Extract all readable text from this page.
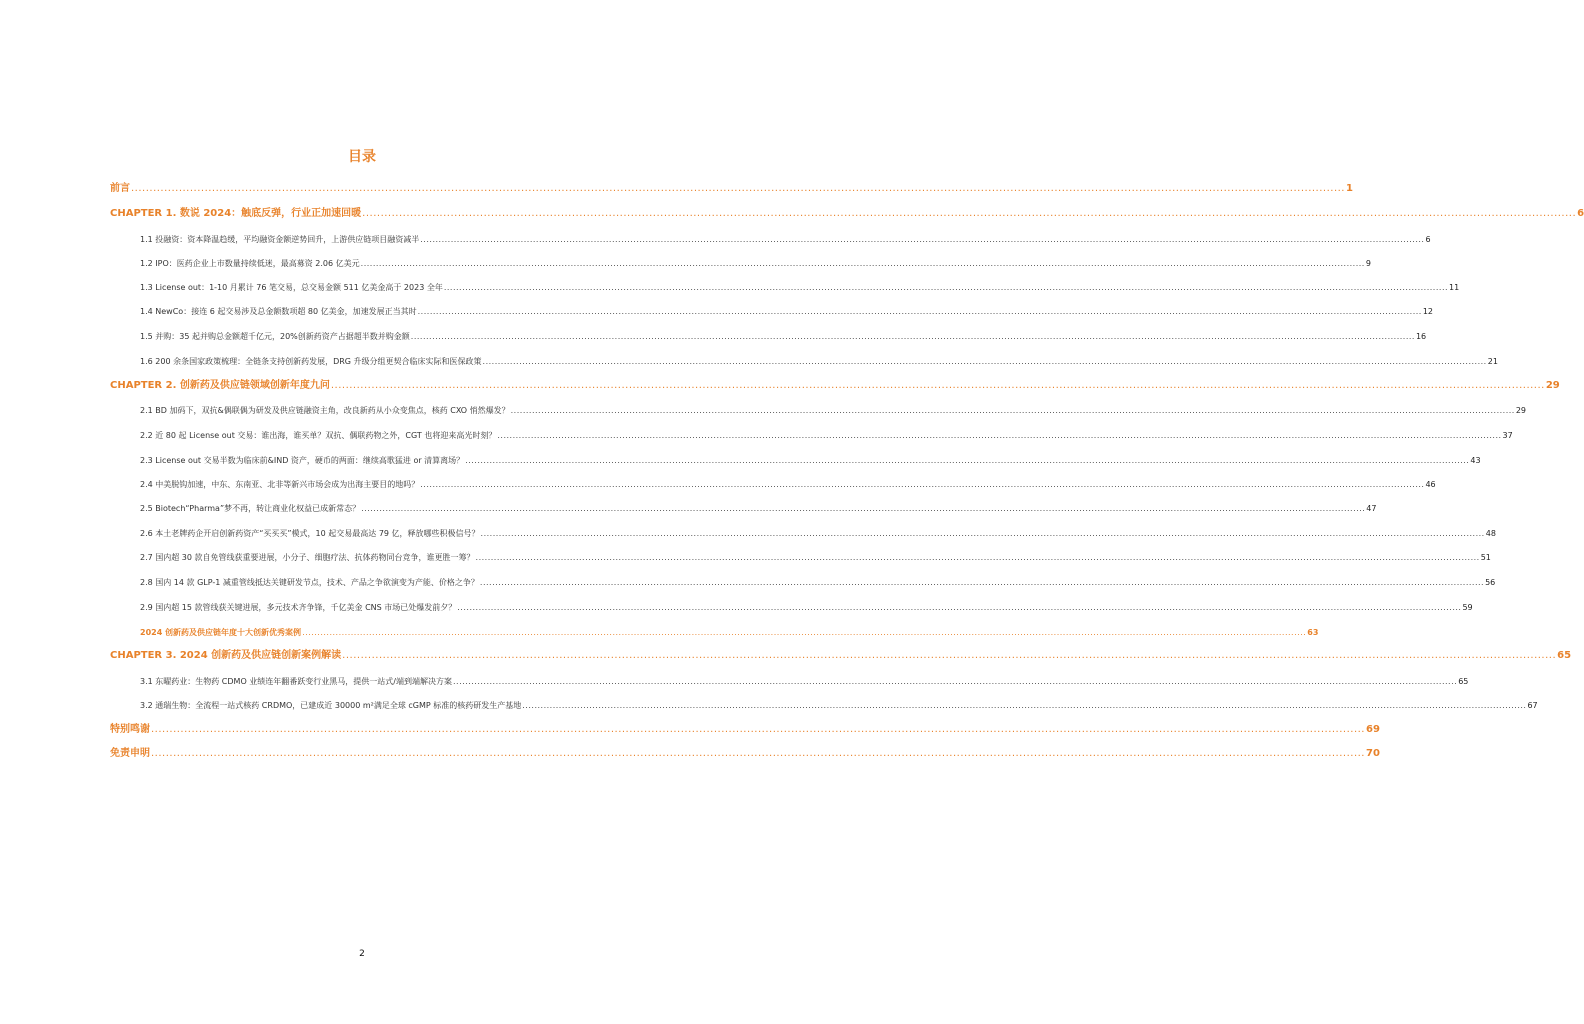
目录
前言 .....	1
CHAPTER 1. 数说 2024：触底反弹，行业正加速回暖 .....	6
1.1 投融资：资本降温趋缓，平均融资金额逆势回升，上游供应链项目融资减半 .....	6
1.2 IPO：医药企业上市数量持续低迷，最高募资 2.06 亿美元 .....	9
1.3 License out：1-10 月累计 76 笔交易，总交易金额 511 亿美金高于 2023 全年 .....	11
1.4 NewCo：接连 6 起交易涉及总金额数项超 80 亿美金，加速发展正当其时 .....	12
1.5 并购：35 起并购总金额超千亿元，20%创新药资产占据超半数并购金额 .....	16
1.6 200 余条国家政策梳理：全链条支持创新药发展，DRG 升级分组更契合临床实际和医保政策 .....	21
CHAPTER 2. 创新药及供应链领域创新年度九问 .....	29
2.1 BD 加码下，双抗&偶联偶为研发及供应链融资主角，改良新药从小众变焦点，核药 CXO 悄然爆发？ .....	29
2.2 近 80 起 License out 交易：谁出海，谁买单？双抗、偶联药物之外，CGT 也将迎来高光时刻？ .....	37
2.3 License out 交易半数为临床前&IND 资产，硬币的两面：继续高歌猛进 or 清算离场？ .....	43
2.4 中美脱钩加速，中东、东南亚、北非等新兴市场会成为出海主要目的地吗？ .....	46
2.5 Biotech“Pharma”梦不再，转让商业化权益已成新常态？ .....	47
2.6 本土老牌药企开启创新药资产“买买买”模式，10 起交易最高达 79 亿，释放哪些积极信号？ .....	48
2.7 国内超 30 款自免管线获重要进展，小分子、细胞疗法、抗体药物同台竞争，谁更胜一筹？ .....	51
2.8 国内 14 款 GLP-1 减重管线抵达关键研发节点，技术、产品之争欲演变为产能、价格之争？ .....	56
2.9 国内超 15 款管线获关键进展，多元技术齐争锋，千亿美金 CNS 市场已处爆发前夕？ .....	59
2024 创新药及供应链年度十大创新优秀案例 .....	63
CHAPTER 3. 2024 创新药及供应链创新案例解读 .....	65
3.1 东曜药业：生物药 CDMO 业绩连年翻番跃变行业黑马，提供一站式/端到端解决方案 .....	65
3.2 通瑞生物：全流程一站式核药 CRDMO，已建成近 30000 m²满足全球 cGMP 标准的核药研发生产基地 .....	67
特别鸣谢 .....	69
免责申明 .....	70
2
